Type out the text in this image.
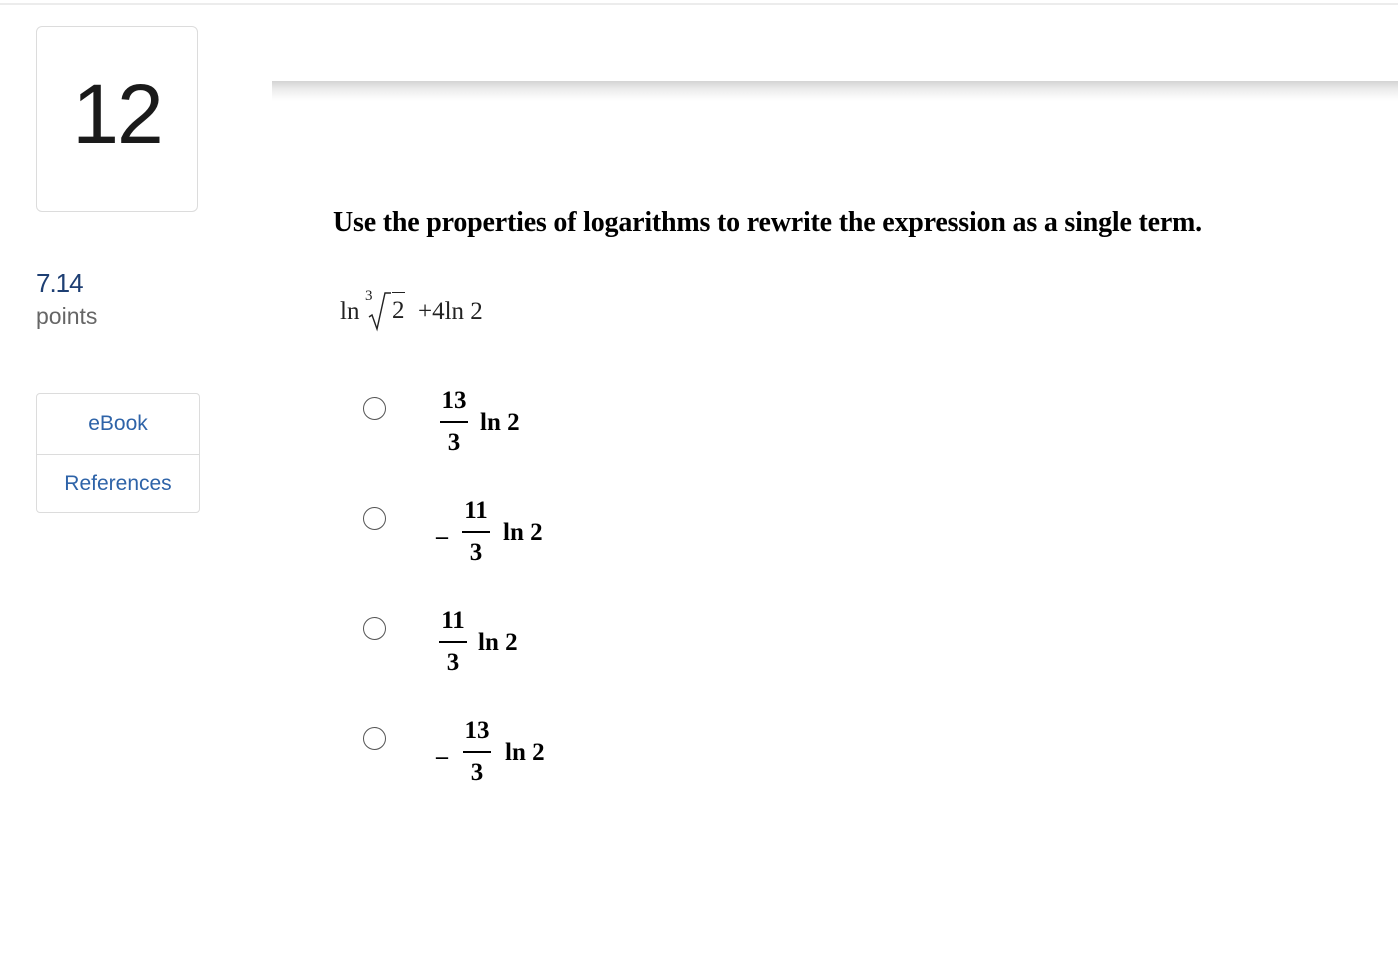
12
7.14
points
eBook
References
Use the properties of logarithms to rewrite the expression as a single term.
ln
3
2 +4ln 2
13
3
ln 2
–
11
3
ln 2
11
3
ln 2
–
13
3
ln 2
